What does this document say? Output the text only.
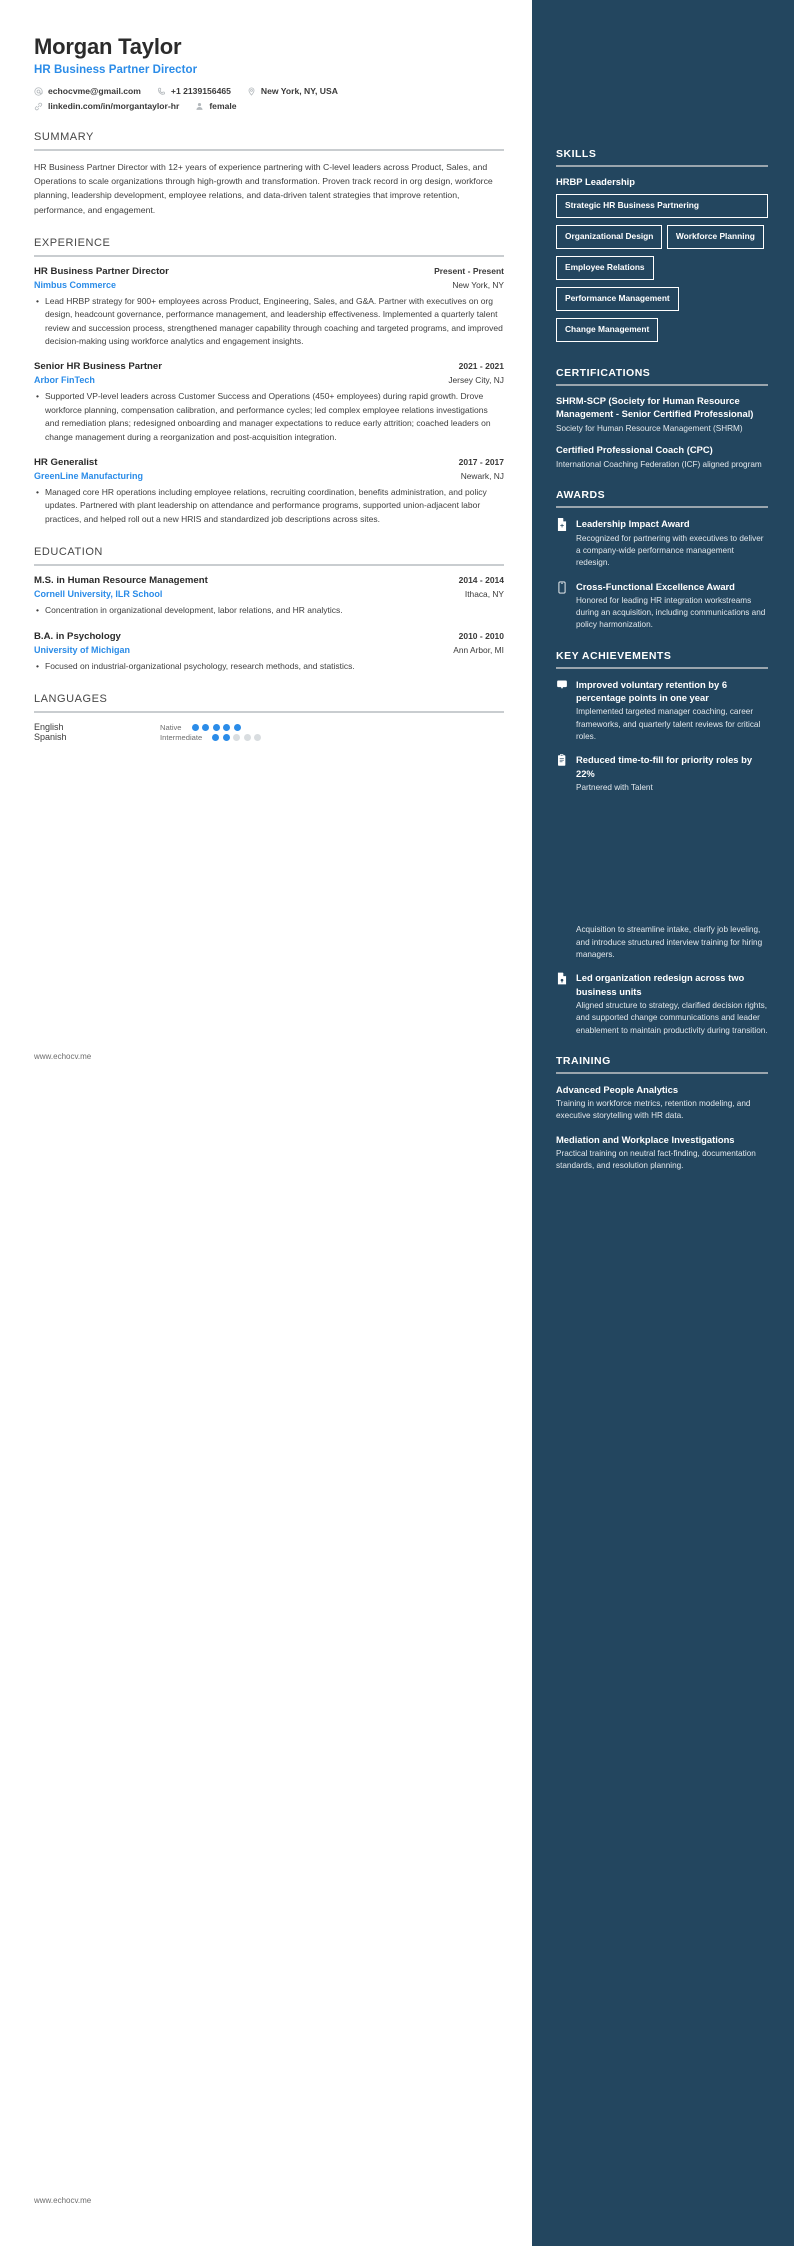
Morgan Taylor
HR Business Partner Director
echocvme@gmail.com	+1 2139156465	New York, NY, USA
linkedin.com/in/morgantaylor-hr	female
SUMMARY
HR Business Partner Director with 12+ years of experience partnering with C-level leaders across Product, Sales, and Operations to scale organizations through high-growth and transformation. Proven track record in org design, workforce planning, leadership development, employee relations, and data-driven talent strategies that improve retention, performance, and engagement.
EXPERIENCE
HR Business Partner Director	Present - Present
Nimbus Commerce	New York, NY
• Lead HRBP strategy for 900+ employees across Product, Engineering, Sales, and G&A. Partner with executives on org design, headcount governance, performance management, and leadership effectiveness. Implemented a quarterly talent review and succession process, strengthened manager capability through coaching and targeted programs, and improved decision-making using workforce analytics and engagement insights.
Senior HR Business Partner	2021 - 2021
Arbor FinTech	Jersey City, NJ
• Supported VP-level leaders across Customer Success and Operations (450+ employees) during rapid growth. Drove workforce planning, compensation calibration, and performance cycles; led complex employee relations investigations and remediation plans; redesigned onboarding and manager expectations to reduce early attrition; coached leaders on change management during a reorganization and post-acquisition integration.
HR Generalist	2017 - 2017
GreenLine Manufacturing	Newark, NJ
• Managed core HR operations including employee relations, recruiting coordination, benefits administration, and policy updates. Partnered with plant leadership on attendance and performance programs, supported union-adjacent labor practices, and helped roll out a new HRIS and standardized job descriptions across sites.
EDUCATION
M.S. in Human Resource Management	2014 - 2014
Cornell University, ILR School	Ithaca, NY
• Concentration in organizational development, labor relations, and HR analytics.
B.A. in Psychology	2010 - 2010
University of Michigan	Ann Arbor, MI
• Focused on industrial-organizational psychology, research methods, and statistics.
LANGUAGES
English	Native
Spanish	Intermediate
www.echocv.me
www.echocv.me
SKILLS
HRBP Leadership
Strategic HR Business Partnering
Organizational Design	Workforce Planning Employee Relations Performance Management Change Management
CERTIFICATIONS
SHRM-SCP (Society for Human Resource Management - Senior Certified Professional)
Society for Human Resource Management (SHRM)
Certified Professional Coach (CPC)
International Coaching Federation (ICF) aligned program
AWARDS
Leadership Impact Award
Recognized for partnering with executives to deliver a company-wide performance management redesign.
Cross-Functional Excellence Award
Honored for leading HR integration workstreams during an acquisition, including communications and policy harmonization.
KEY ACHIEVEMENTS
Improved voluntary retention by 6 percentage points in one year
Implemented targeted manager coaching, career frameworks, and quarterly talent reviews for critical roles.
Reduced time-to-fill for priority roles by 22%
Partnered with Talent
Acquisition to streamline intake, clarify job leveling, and introduce structured interview training for hiring managers.
Led organization redesign across two business units
Aligned structure to strategy, clarified decision rights, and supported change communications and leader enablement to maintain productivity during transition.
TRAINING
Advanced People Analytics
Training in workforce metrics, retention modeling, and executive storytelling with HR data.
Mediation and Workplace Investigations
Practical training on neutral fact-finding, documentation standards, and resolution planning.
